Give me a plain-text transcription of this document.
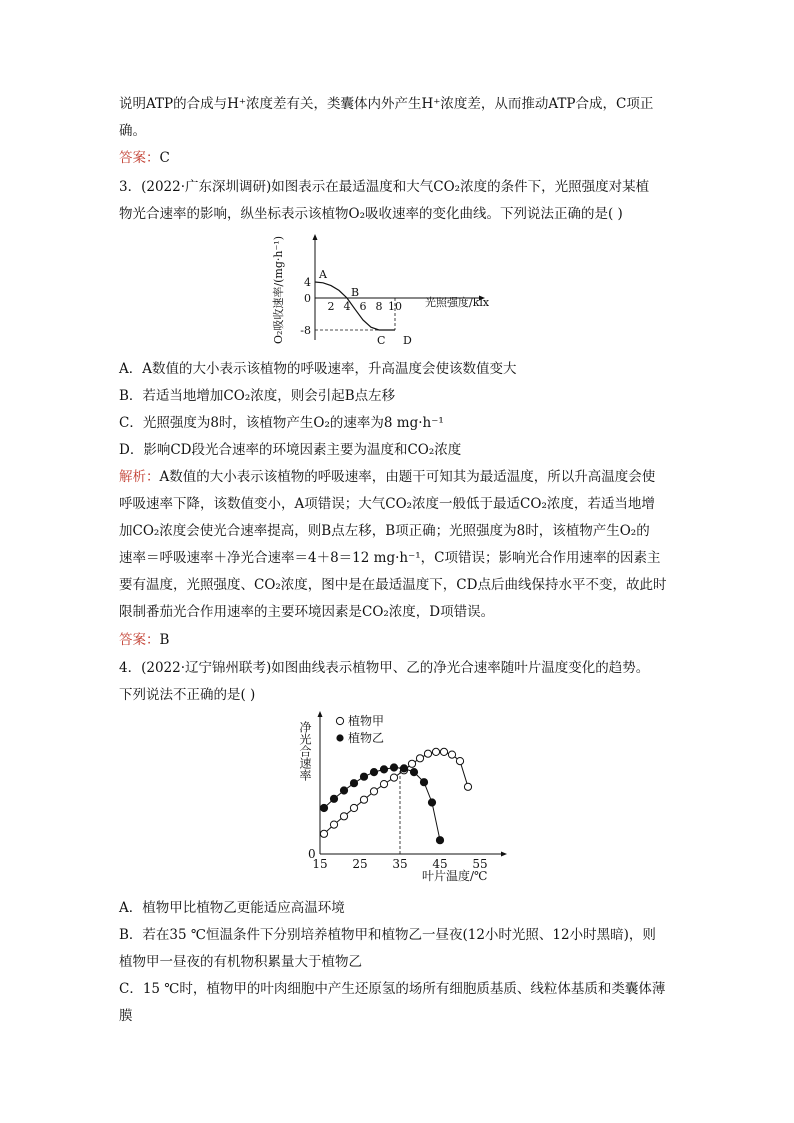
说明ATP的合成与H⁺浓度差有关，类囊体内外产生H⁺浓度差，从而推动ATP合成，C项正
确。
答案：C
3．(2022·广东深圳调研)如图表示在最适温度和大气CO₂浓度的条件下，光照强度对某植
物光合速率的影响，纵坐标表示该植物O₂吸收速率的变化曲线。下列说法正确的是( )
O₂吸收速率/(mg·h⁻¹)	2 4 6 8 10
4
0
-8
A
B
C D
光照强度/klx
A．A数值的大小表示该植物的呼吸速率，升高温度会使该数值变大
B．若适当地增加CO₂浓度，则会引起B点左移
C．光照强度为8时，该植物产生O₂的速率为8 mg·h⁻¹
D．影响CD段光合速率的环境因素主要为温度和CO₂浓度
解析：A数值的大小表示该植物的呼吸速率，由题干可知其为最适温度，所以升高温度会使
呼吸速率下降，该数值变小，A项错误；大气CO₂浓度一般低于最适CO₂浓度，若适当地增
加CO₂浓度会使光合速率提高，则B点左移，B项正确；光照强度为8时，该植物产生O₂的
速率＝呼吸速率＋净光合速率＝4＋8＝12 mg·h⁻¹，C项错误；影响光合作用速率的因素主
要有温度，光照强度、CO₂浓度，图中是在最适温度下，CD点后曲线保持水平不变，故此时
限制番茄光合作用速率的主要环境因素是CO₂浓度，D项错误。
答案：B
4．(2022·辽宁锦州联考)如图曲线表示植物甲、乙的净光合速率随叶片温度变化的趋势。
下列说法不正确的是( )
净光合速率
0
植物甲
植物乙
15 25 35 45 55
叶片温度/℃
A．植物甲比植物乙更能适应高温环境
B．若在35 ℃恒温条件下分别培养植物甲和植物乙一昼夜(12小时光照、12小时黑暗)，则
植物甲一昼夜的有机物积累量大于植物乙
C．15 ℃时，植物甲的叶肉细胞中产生还原氢的场所有细胞质基质、线粒体基质和类囊体薄
膜
